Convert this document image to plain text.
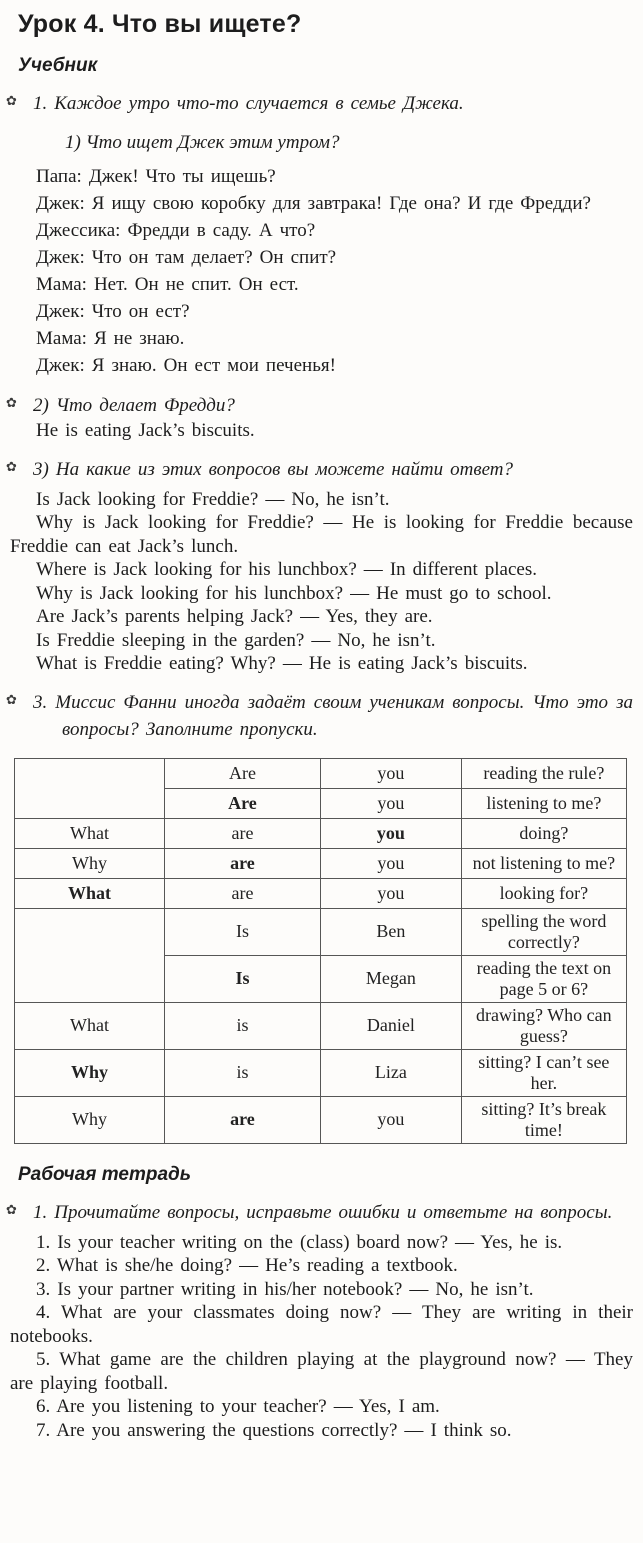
Урок 4. Что вы ищете?
Учебник
✿ 1. Каждое утро что-то случается в семье Джека.

1) Что ищет Джек этим утром?

Папа: Джек! Что ты ищешь?

Джек: Я ищу свою коробку для завтрака! Где она? И где Фредди?

Джессика: Фредди в саду. А что?

Джек: Что он там делает? Он спит?

Мама: Нет. Он не спит. Он ест.

Джек: Что он ест?

Мама: Я не знаю.

Джек: Я знаю. Он ест мои печенья!

✿ 2) Что делает Фредди?

He is eating Jack’s biscuits.

✿ 3) На какие из этих вопросов вы можете найти ответ?

Is Jack looking for Freddie? — No, he isn’t.

Why is Jack looking for Freddie? — He is looking for Freddie because Freddie can eat Jack’s lunch.

Where is Jack looking for his lunchbox? — In different places.

Why is Jack looking for his lunchbox? — He must go to school.

Are Jack’s parents helping Jack? — Yes, they are.

Is Freddie sleeping in the garden? — No, he isn’t.

What is Freddie eating? Why? — He is eating Jack’s biscuits.

✿ 3. Миссис Фанни иногда задаёт своим ученикам вопросы. Что это за вопросы? Заполните пропуски.

	Are	you	reading the rule?
	Are	you	listening to me?
What	are	you	doing?
Why	are	you	not listening to me?
What	are	you	looking for?
	Is	Ben	spelling the word correctly?
	Is	Megan	reading the text on page 5 or 6?
What	is	Daniel	drawing? Who can guess?
Why	is	Liza	sitting? I can’t see her.
Why	are	you	sitting? It’s break time!
Рабочая тетрадь
✿ 1. Прочитайте вопросы, исправьте ошибки и ответьте на вопросы.

1. Is your teacher writing on the (class) board now? — Yes, he is.

2. What is she/he doing? — He’s reading a textbook.

3. Is your partner writing in his/her notebook? — No, he isn’t.

4. What are your classmates doing now? — They are writing in their notebooks.

5. What game are the children playing at the playground now? — They are playing football.

6. Are you listening to your teacher? — Yes, I am.

7. Are you answering the questions correctly? — I think so.
